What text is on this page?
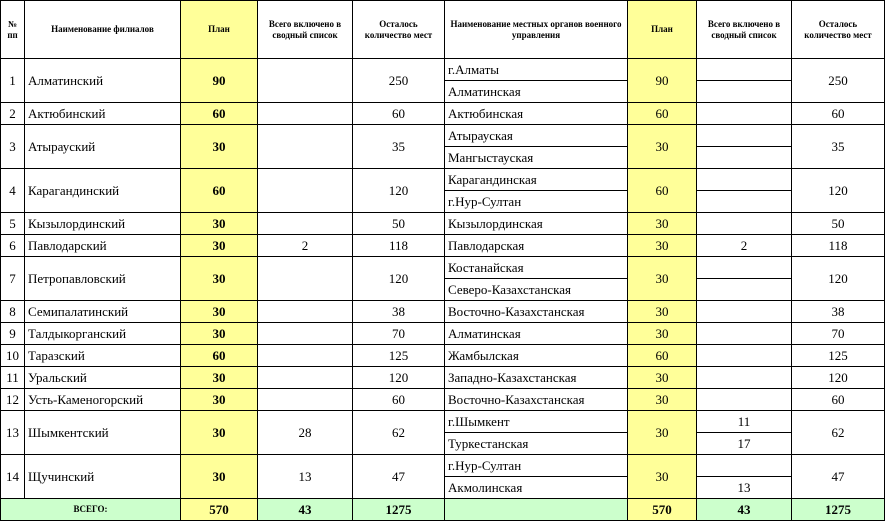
№ пп	Наименование филиалов	План	Всего включено в сводный список	Осталось количество мест	Наименование местных органов военного управления	План	Всего включено в сводный список	Осталось количество мест
1	Алматинский	90		250	г.Алматы	90		250
					Алматинская			
2	Актюбинский	60		60	Актюбинская	60		60
3	Атырауский	30		35	Атырауская	30		35
					Мангыстауская			
4	Карагандинский	60		120	Карагандинская	60		120
					г.Нур-Султан			
5	Кызылординский	30		50	Кызылординская	30		50
6	Павлодарский	30	2	118	Павлодарская	30	2	118
7	Петропавловский	30		120	Костанайская	30		120
					Северо-Казахстанская			
8	Семипалатинский	30		38	Восточно-Казахстанская	30		38
9	Талдыкорганский	30		70	Алматинская	30		70
10	Таразский	60		125	Жамбылская	60		125
11	Уральский	30		120	Западно-Казахстанская	30		120
12	Усть-Каменогорский	30		60	Восточно-Казахстанская	30		60
13	Шымкентский	30	28	62	г.Шымкент	30	11	62
					Туркестанская		17	
14	Щучинский	30	13	47	г.Нур-Султан	30		47
					Акмолинская		13	
ВСЕГО:		570	43	1275		570	43	1275
